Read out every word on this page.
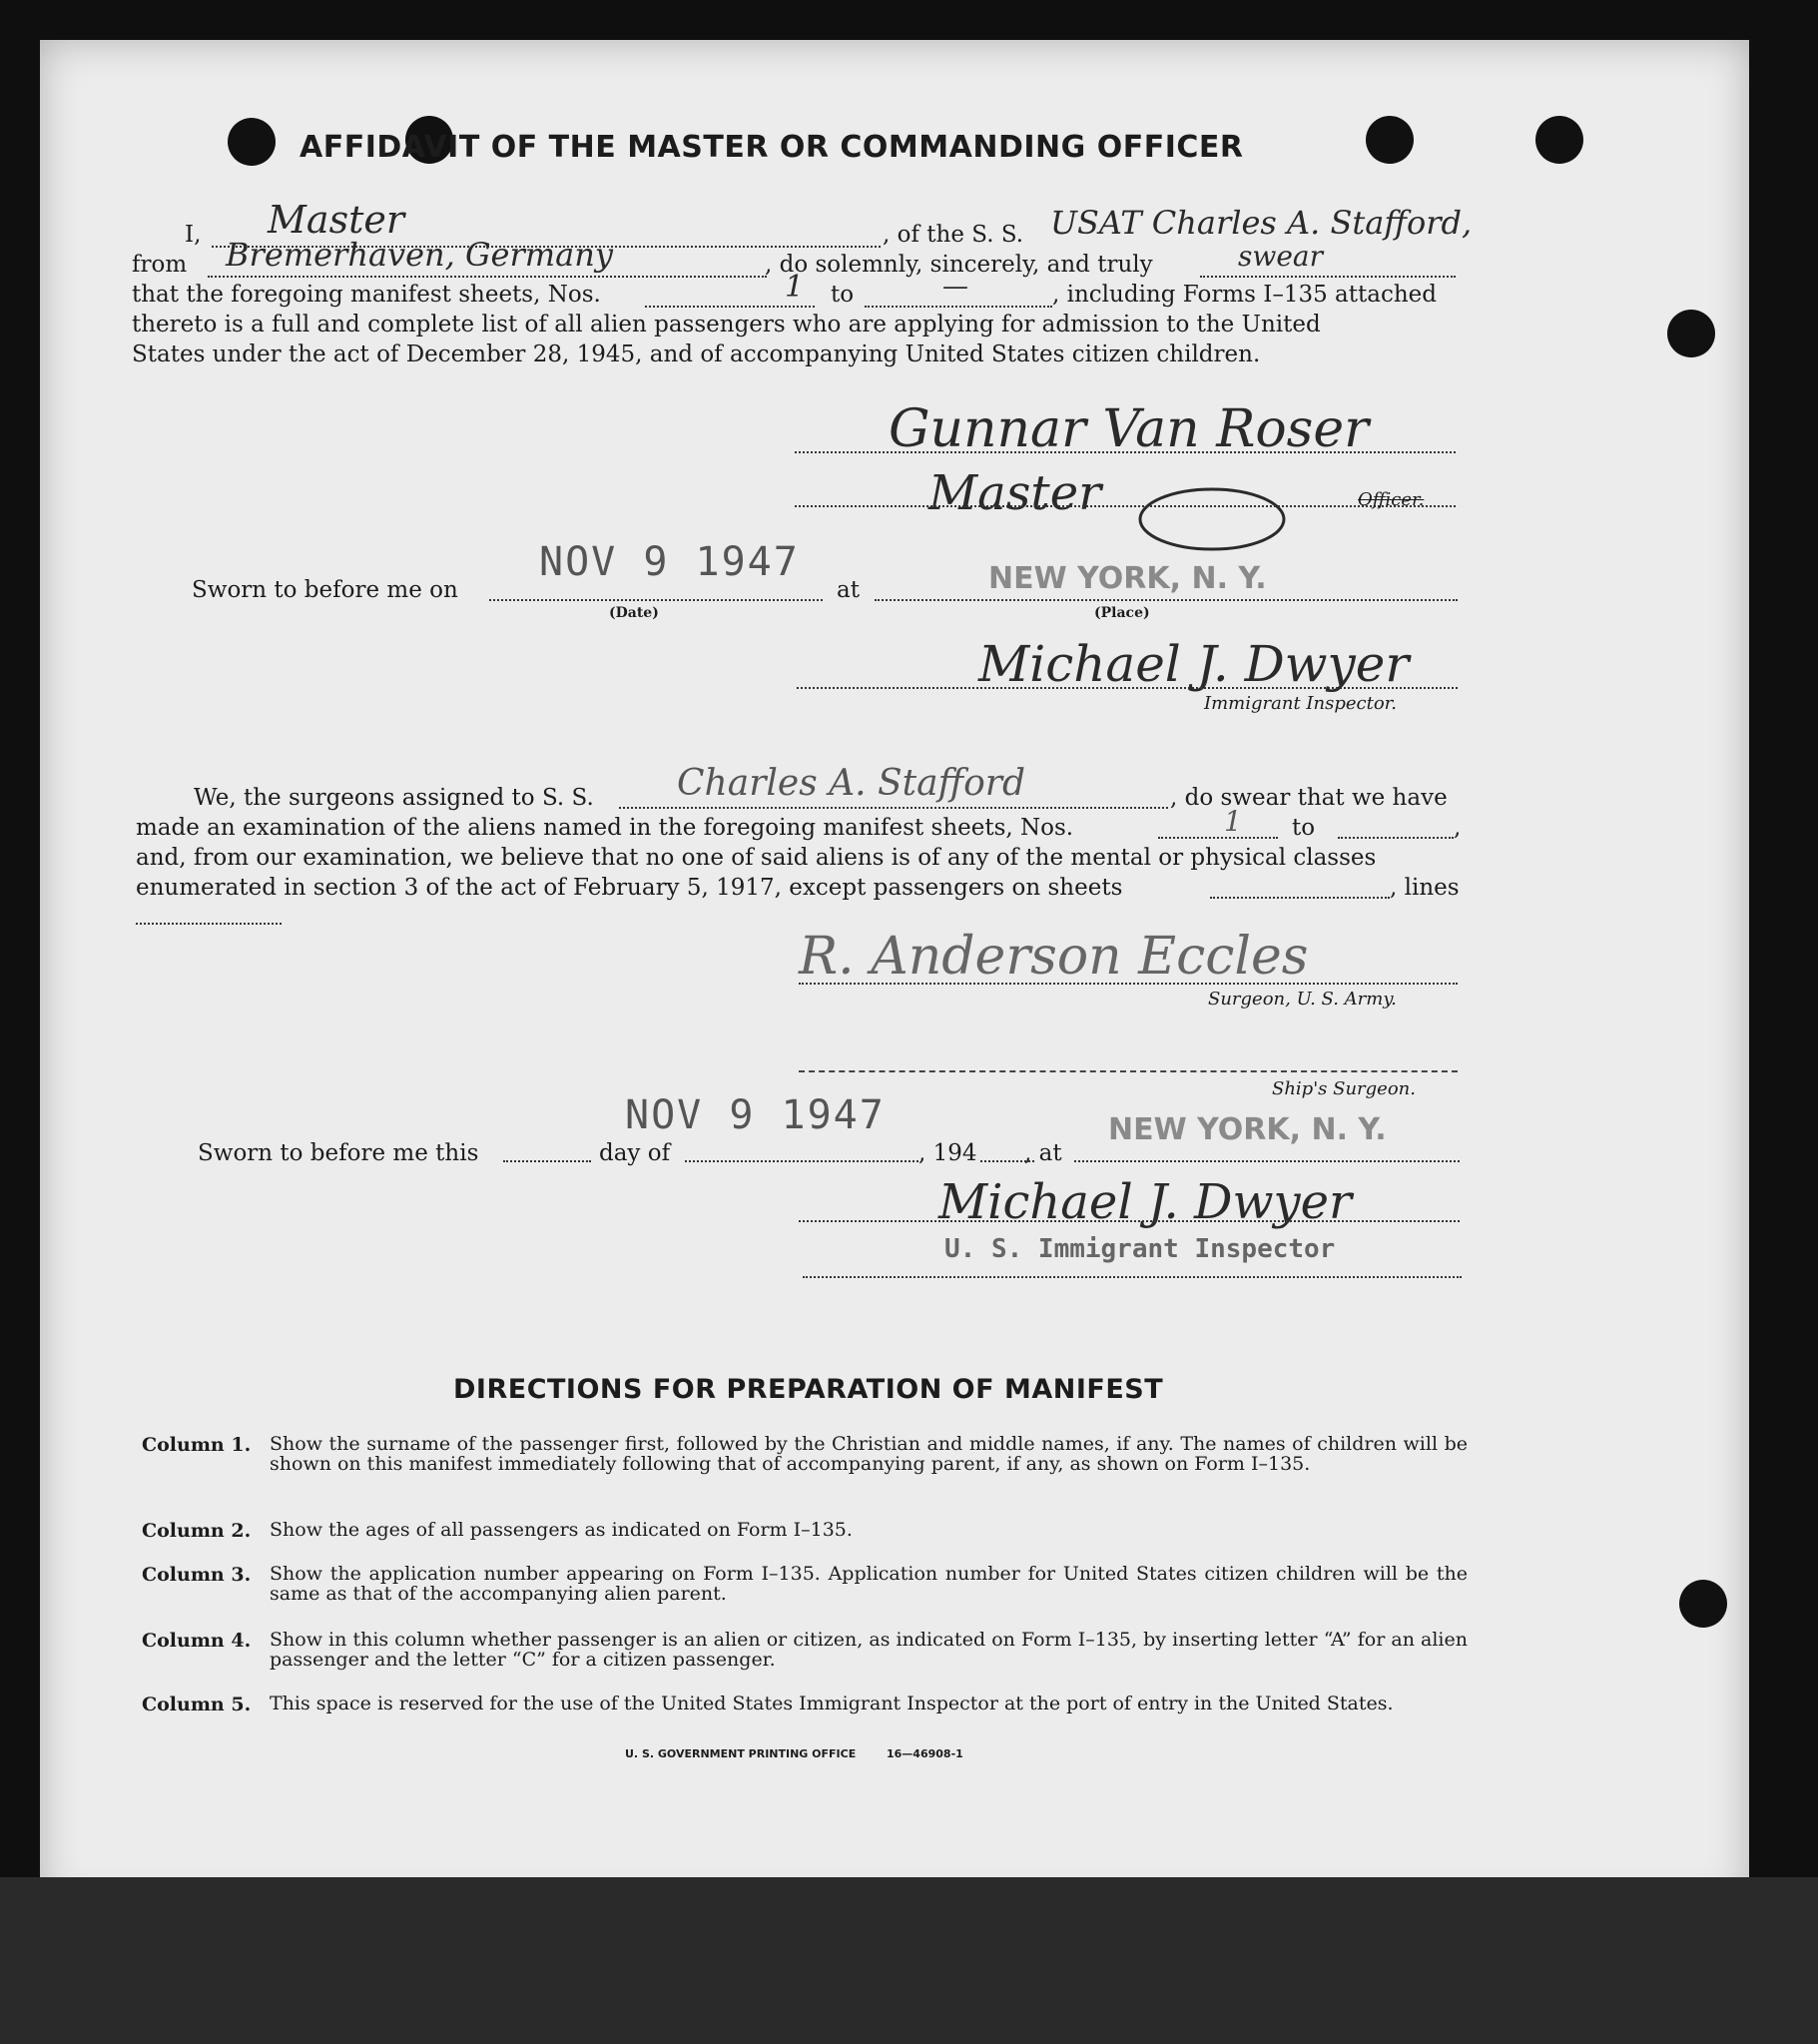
AFFIDAVIT OF THE MASTER OR COMMANDING OFFICER
I, Master	, of the S. S. USAT Charles A. Stafford,
from Bremerhaven, Germany	, do solemnly, sincerely, and truly	swear
that the foregoing manifest sheets, Nos.	1 to	—	, including Forms I–135 attached
thereto is a full and complete list of all alien passengers who are applying for admission to the United
States under the act of December 28, 1945, and of accompanying United States citizen children.
Gunnar Van Roser
Master	Officer.
Sworn to before me on
NOV 9 1947
(Date)
at	NEW YORK, N. Y.
(Place)
Michael J. Dwyer
Immigrant Inspector.
We, the surgeons assigned to S. S. Charles A. Stafford	, do swear that we have
made an examination of the aliens named in the foregoing manifest sheets, Nos.	1 to	,
and, from our examination, we believe that no one of said aliens is of any of the mental or physical classes
enumerated in section 3 of the act of February 5, 1917, except passengers on sheets	, lines
R. Anderson Eccles
Surgeon, U. S. Army.
Ship's Surgeon.
NOV 9 1947	NEW YORK, N. Y.
Sworn to before me this	day of	, 194 , at
Michael J. Dwyer
U. S. Immigrant Inspector
DIRECTIONS FOR PREPARATION OF MANIFEST
Column 1. Show the surname of the passenger first, followed by the Christian and middle names, if any. The names of children will be shown on this manifest immediately following that of accompanying parent, if any, as shown on Form I–135.
Column 2. Show the ages of all passengers as indicated on Form I–135.
Column 3. Show the application number appearing on Form I–135. Application number for United States citizen children will be the same as that of the accompanying alien parent.
Column 4. Show in this column whether passenger is an alien or citizen, as indicated on Form I–135, by inserting letter “A” for an alien passenger and the letter “C” for a citizen passenger.
Column 5. This space is reserved for the use of the United States Immigrant Inspector at the port of entry in the United States.
U. S. GOVERNMENT PRINTING OFFICE	16—46908-1
